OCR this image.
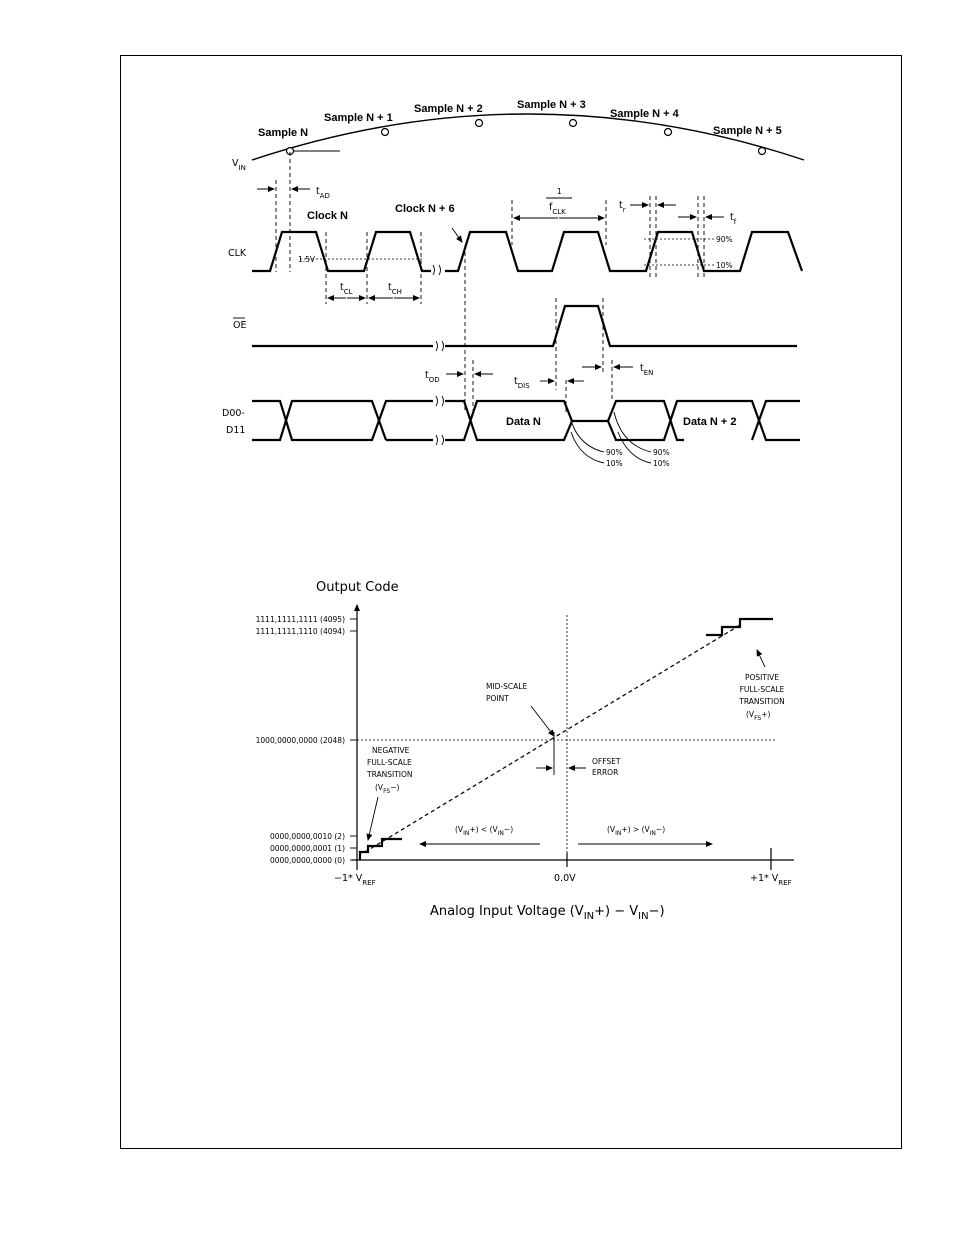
Sample N
Sample N + 1
Sample N + 2	Sample N + 3
Sample N + 4
Sample N + 5
$V_{IN}$
$t_{AD}$
Clock N
Clock N + 6
CLK
1.5V
$t_{CL}$	$t_{CH}$
1
$f_{CLK}$
$t_r$
$t_f$
90%
10%
OE
$t_{OD}$	$t_{DIS}$
$t_{EN}$
D00-
D11
Data N	Data N + 2
90%
10%
90%
10%
Output Code
1111,1111,1111 (4095)
1111,1111,1110 (4094)
1000,0000,0000 (2048)
0000,0000,0010 (2)
0000,0000,0001 (1)
0000,0000,0000 (0)
OFFSET
ERROR
MID-SCALE
POINT
POSITIVE
FULL-SCALE
TRANSITION
$(V_{FS}+)$
NEGATIVE
FULL-SCALE
TRANSITION
$(V_{FS}-)$
$(V_{IN}+) < (V_{IN}-)$	$(V_{IN}+) > (V_{IN}-)$
−1* $V_{REF}$	0.0V	+1* $V_{REF}$
Analog Input Voltage $(V_{IN}+) - V_{IN}-$)
